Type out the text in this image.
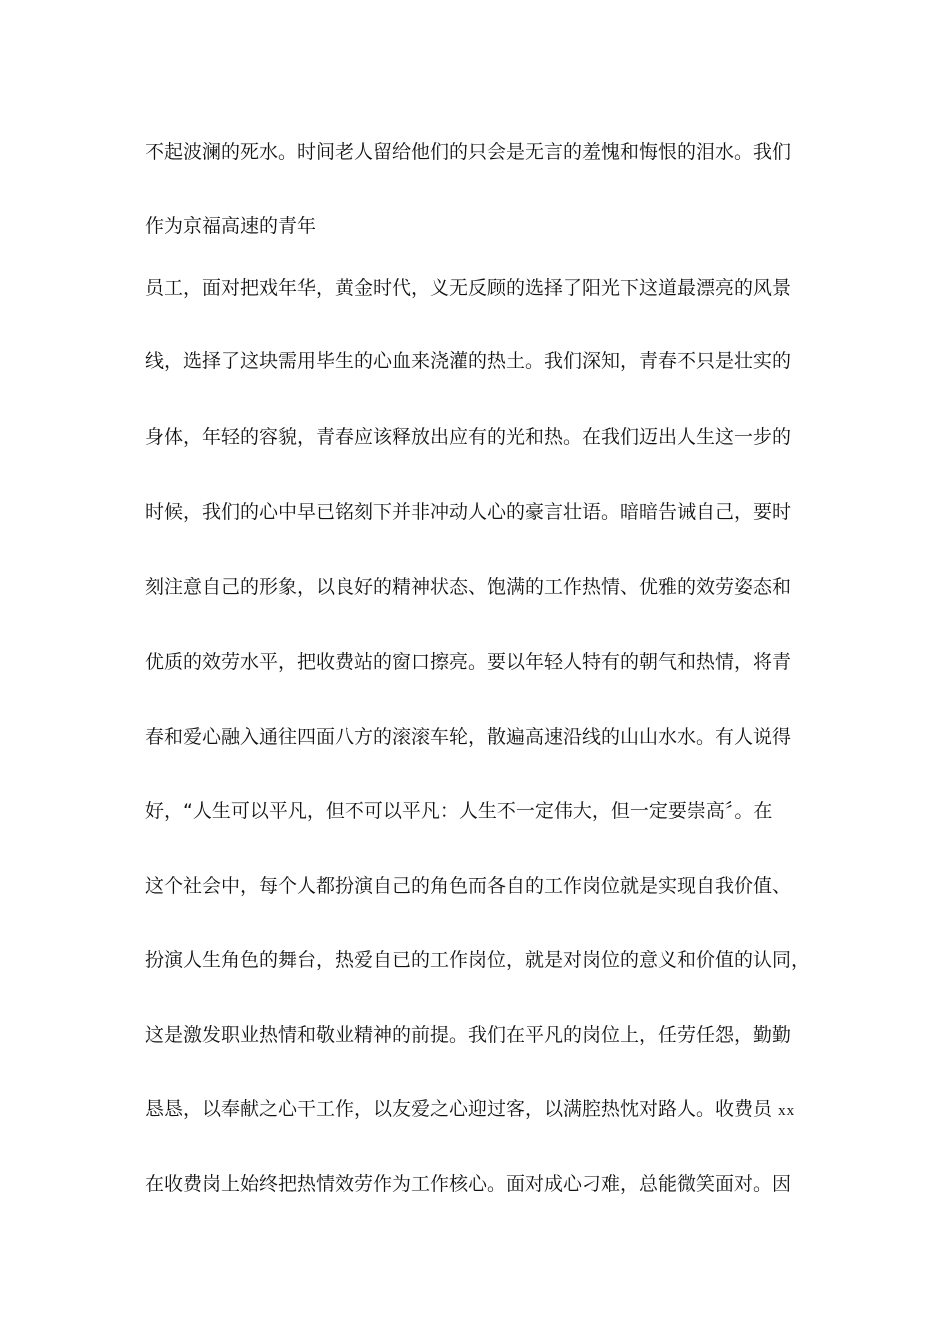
不起波澜的死水。时间老人留给他们的只会是无言的羞愧和悔恨的泪水。我们

作为京福高速的青年

员工，面对把戏年华，黄金时代，义无反顾的选择了阳光下这道最漂亮的风景

线，选择了这块需用毕生的心血来浇灌的热土。我们深知，青春不只是壮实的

身体，年轻的容貌，青春应该释放出应有的光和热。在我们迈出人生这一步的

时候，我们的心中早已铭刻下并非冲动人心的豪言壮语。暗暗告诫自己，要时

刻注意自己的形象，以良好的精神状态、饱满的工作热情、优雅的效劳姿态和

优质的效劳水平，把收费站的窗口擦亮。要以年轻人特有的朝气和热情，将青

春和爱心融入通往四面八方的滚滚车轮，散遍高速沿线的山山水水。有人说得

好，“人生可以平凡，但不可以平凡：人生不一定伟大，但一定要崇高〞。在

这个社会中，每个人都扮演自己的角色而各自的工作岗位就是实现自我价值、

扮演人生角色的舞台，热爱自已的工作岗位，就是对岗位的意义和价值的认同，

这是激发职业热情和敬业精神的前提。我们在平凡的岗位上，任劳任怨，勤勤

恳恳，以奉献之心干工作，以友爱之心迎过客，以满腔热忱对路人。收费员 xx

在收费岗上始终把热情效劳作为工作核心。面对成心刁难，总能微笑面对。因
